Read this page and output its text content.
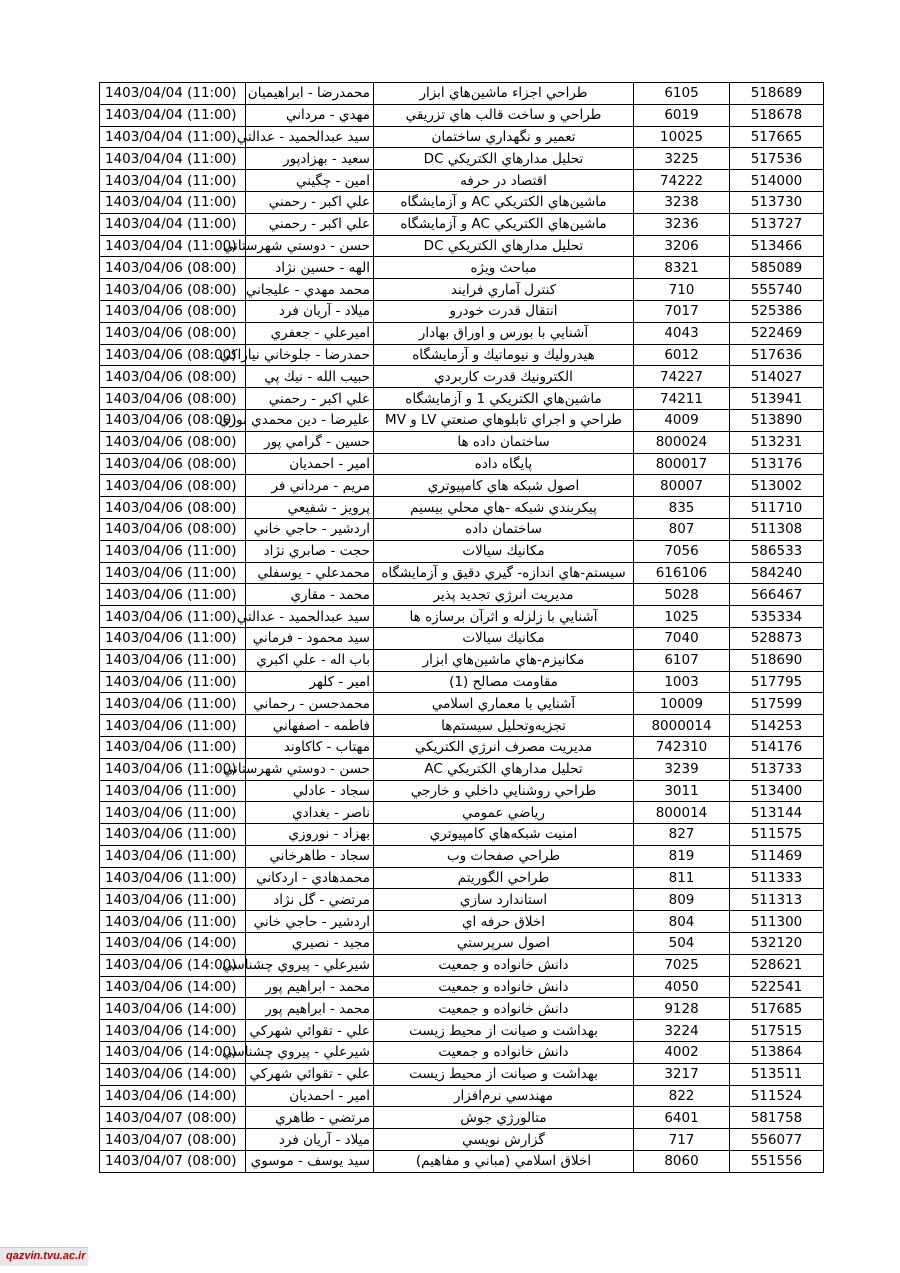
1403/04/04 (11:00)	محمدرضا - ابراهیمیان	طراحي اجزاء ماشين‌هاي ابزار	6105	518689
1403/04/04 (11:00)	مهدي - مرداني	طراحي و ساخت قالب هاي تزريقي	6019	518678
1403/04/04 (11:00)	سيد عبدالحميد - عدالتي	تعمير و نگهداري ساختمان	10025	517665
1403/04/04 (11:00)	سعيد - بهزادپور	تحليل مدارهاي الكتريكي DC	3225	517536
1403/04/04 (11:00)	امين - چگيني	اقتصاد در حرفه	74222	514000
1403/04/04 (11:00)	علي اكبر - رحمني	ماشين‌هاي الكتريكي AC و آزمايشگاه	3238	513730
1403/04/04 (11:00)	علي اكبر - رحمني	ماشين‌هاي الكتريكي AC و آزمايشگاه	3236	513727
1403/04/04 (11:00)	حسن - دوستي شهرستاني	تحليل مدارهاي الكتريكي DC	3206	513466
1403/04/06 (08:00)	الهه - حسين نژاد	مباحث ويژه	8321	585089
1403/04/06 (08:00)	محمد مهدي - عليجاني	كنترل آماري فرايند	710	555740
1403/04/06 (08:00)	ميلاد - آريان فرد	انتقال قدرت خودرو	7017	525386
1403/04/06 (08:00)	اميرعلي - جعفري	آشنايي با بورس و اوراق بهادار	4043	522469
1403/04/06 (08:00)	حمدرضا - جلوخاني نياراکي	هيدروليك و نيوماتيك و آزمايشگاه	6012	517636
1403/04/06 (08:00)	حبيب الله - نيك پي	الكترونيك قدرت كاربردي	74227	514027
1403/04/06 (08:00)	علي اكبر - رحمني	ماشين‌هاي الكتريكي 1 و آزمايشگاه	74211	513941
1403/04/06 (08:00)	عليرضا - دين محمدي نوري	طراحي و اجراي تابلوهاي صنعتي LV و MV	4009	513890
1403/04/06 (08:00)	حسين - گرامي پور	ساختمان داده ها	800024	513231
1403/04/06 (08:00)	امير - احمديان	پايگاه داده	800017	513176
1403/04/06 (08:00)	مريم - مرداني فر	اصول شبكه هاي كامپيوتري	80007	513002
1403/04/06 (08:00)	پرويز - شفيعي	پيكربندي شبكه -هاي محلي بيسيم	835	511710
1403/04/06 (08:00)	اردشير - حاجي خاني	ساختمان داده	807	511308
1403/04/06 (11:00)	حجت - صابري نژاد	مكانيك سيالات	7056	586533
1403/04/06 (11:00)	محمدعلي - يوسفلي	سيستم-هاي اندازه- گيري دقيق و آزمايشگاه	616106	584240
1403/04/06 (11:00)	محمد - مقاري	مديريت انرژي تجديد پذير	5028	566467
1403/04/06 (11:00)	سيد عبدالحميد - عدالتي	آشنايي با زلزله و اثرآن برسازه ها	1025	535334
1403/04/06 (11:00)	سيد محمود - فرماني	مكانيك سيالات	7040	528873
1403/04/06 (11:00)	باب اله - علي اكبري	مكانيزم-هاي ماشين‌هاي ابزار	6107	518690
1403/04/06 (11:00)	امير - كلهر	مقاومت مصالح (1)	1003	517795
1403/04/06 (11:00)	محمدحسن - رحماني	آشنايي با معماري اسلامي	10009	517599
1403/04/06 (11:00)	فاطمه - اصفهاني	تجزيه‌وتحليل سيستم‌ها	8000014	514253
1403/04/06 (11:00)	مهتاب - كاكاوند	مديريت مصرف انرژي الكتريكي	742310	514176
1403/04/06 (11:00)	حسن - دوستي شهرستاني	تحليل مدارهاي الكتريكي AC	3239	513733
1403/04/06 (11:00)	سجاد - عادلي	طراحي روشنايي داخلي و خارجي	3011	513400
1403/04/06 (11:00)	ناصر - بغدادي	رياضي عمومي	800014	513144
1403/04/06 (11:00)	بهزاد - نوروزي	امنيت شبكه‌هاي كامپيوتري	827	511575
1403/04/06 (11:00)	سجاد - طاهرخاني	طراحي صفحات وب	819	511469
1403/04/06 (11:00)	محمدهادي - اردكاني	طراحي الگوريتم	811	511333
1403/04/06 (11:00)	مرتضي - گل نژاد	استاندارد سازي	809	511313
1403/04/06 (11:00)	اردشير - حاجي خاني	اخلاق حرفه اي	804	511300
1403/04/06 (14:00)	مجيد - نصيري	اصول سرپرستي	504	532120
1403/04/06 (14:00)	شيرعلي - پيروي چشناسي	دانش خانواده و جمعيت	7025	528621
1403/04/06 (14:00)	محمد - ابراهيم پور	دانش خانواده و جمعيت	4050	522541
1403/04/06 (14:00)	محمد - ابراهيم پور	دانش خانواده و جمعيت	9128	517685
1403/04/06 (14:00)	علي - تقوائي شهركي	بهداشت و صيانت از محيط زيست	3224	517515
1403/04/06 (14:00)	شيرعلي - پيروي چشناسي	دانش خانواده و جمعيت	4002	513864
1403/04/06 (14:00)	علي - تقوائي شهركي	بهداشت و صيانت از محيط زيست	3217	513511
1403/04/06 (14:00)	امير - احمديان	مهندسي نرم‌افزار	822	511524
1403/04/07 (08:00)	مرتضي - طاهري	متالورژي جوش	6401	581758
1403/04/07 (08:00)	ميلاد - آريان فرد	گزارش نويسي	717	556077
1403/04/07 (08:00)	سيد يوسف - موسوي	اخلاق اسلامي (مباني و مفاهيم)	8060	551556
qazvin.tvu.ac.ir
